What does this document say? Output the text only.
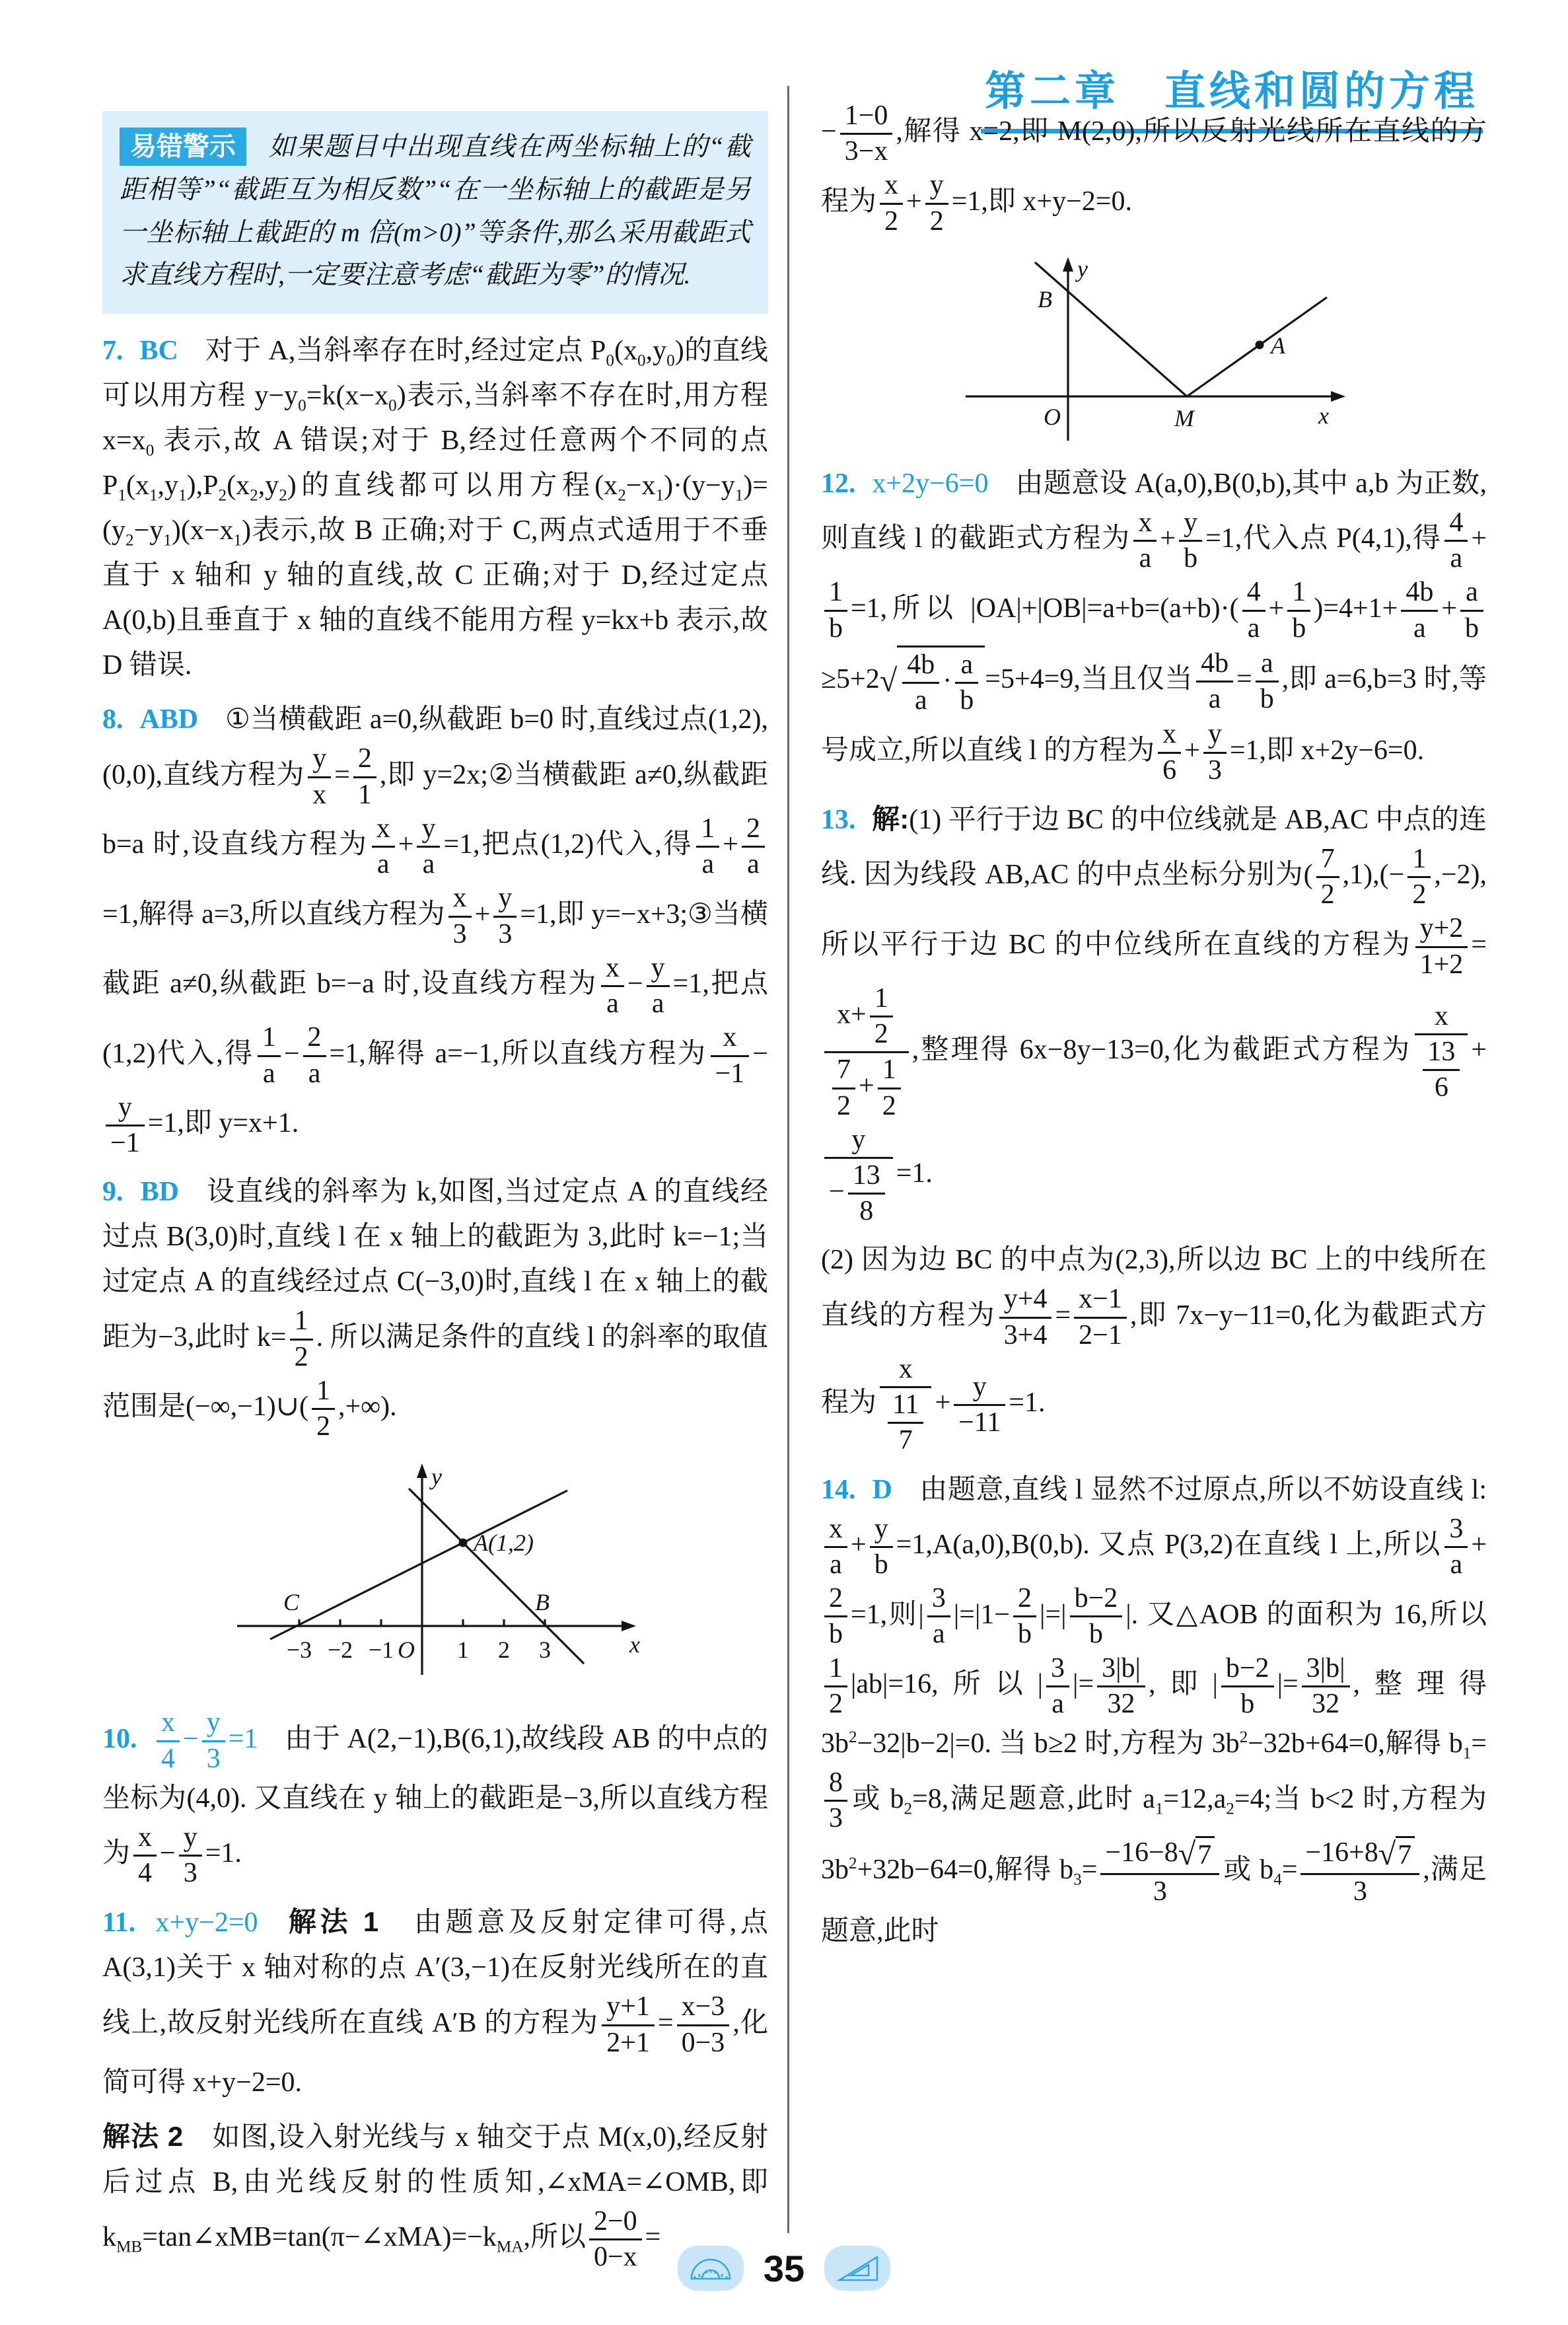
第二章　直线和圆的方程
易错警示 如果题目中出现直线在两坐标轴上的“截距相等”“截距互为相反数”“在一坐标轴上的截距是另一坐标轴上截距的 m 倍(m>0)”等条件,那么采用截距式求直线方程时,一定要注意考虑“截距为零”的情况.
7. BC 对于 A,当斜率存在时,经过定点 $P_0(x_0,y_0)$的直线可以用方程 $y-y_0=k(x-x_0)$表示,当斜率不存在时,用方程 $x=x_0$ 表示,故 A 错误;对于 B,经过任意两个不同的点 $P_1(x_1,y_1),P_2(x_2,y_2)$的直线都可以用方程$(x_2-x_1)\cdot(y-y_1)=(y_2-y_1)(x-x_1)$表示,故 B 正确;对于 C,两点式适用于不垂直于 x 轴和 y 轴的直线,故 C 正确;对于 D,经过定点 A(0,b)且垂直于 x 轴的直线不能用方程 y=kx+b 表示,故 D 错误.
8. ABD ①当横截距 a=0,纵截距 b=0 时,直线过点(1,2),(0,0),直线方程为 $\frac{y}{x} = \frac{2}{1}$ ,即 y=2x;②当横截距 a≠0,纵截距 b=a 时,设直线方程为 $\frac{x}{a} + \frac{y}{a} =1$,把点(1,2)代入,得 $\frac{1}{a} + \frac{2}{a}$
=1,解得 a=3,所以直线方程为 $\frac{x}{3} + \frac{y}{3} =1$,即 y=−x+3;③当横截距 a≠0,纵截距 b=−a 时,设直线方程为 $\frac{x}{a} - \frac{y}{a} =1$,把点(1,2)代入,得 $\frac{1}{a} - \frac{2}{a} =1$,解得 a=−1,所以直线方程为 $\frac{x}{-1}$ −
$\frac{y}{-1} =1$,即 y=x+1.
9. BD 设直线的斜率为 k,如图,当过定点 A 的直线经过点 B(3,0)时,直线 l 在 x 轴上的截距为 3,此时 k=−1;当过定点 A 的直线经过点 C(−3,0)时,直线 l 在 x 轴上的截距为−3,此时 $k= \frac{1}{2}$ . 所以满足条件的直线 l 的斜率的取值范围是(−∞,−1)∪( $\frac{1}{2}$ ,+∞).
−3 −2 −1	1 2 3
O	x
y
A(1,2)
B
C
10. $\frac{x}{4} - \frac{y}{3} =1$ 由于 A(2,−1),B(6,1),故线段 AB 的中点的坐标为(4,0). 又直线在 y 轴上的截距是−3,所以直线方程为 $\frac{x}{4} - \frac{y}{3} =1$.
11. x+y−2=0 解法 1　由题意及反射定律可得,点 A(3,1)关于 x 轴对称的点 A′(3,−1)在反射光线所在的直线上,故反射光线所在直线 A′B 的方程为 $\frac{y+1}{2+1} = \frac{x-3}{0-3}$ ,化简可得 x+y−2=0.
解法 2　如图,设入射光线与 x 轴交于点 M(x,0),经反射后过点 B,由光线反射的性质知,∠xMA=∠OMB,即 $k_{MB}=\tan\angle xMB=\tan(\pi-\angle xMA)=-k_{MA}$,所以 $\frac{2-0}{0-x}$ =
− $\frac{1-0}{3-x}$ ,解得 x=2,即 M(2,0),所以反射光线所在直线的方程为 $\frac{x}{2} + \frac{y}{2} =1$,即 x+y−2=0.
B
A
O	M	x
y
12. x+2y−6=0 由题意设 A(a,0),B(0,b),其中 a,b 为正数,则直线 l 的截距式方程为 $\frac{x}{a} + \frac{y}{b} =1$,代入点 P(4,1),得 $\frac{4}{a}$ +
$\frac{1}{b} =1$,所以 $|OA|+|OB|=a+b=(a+b)\cdot( \frac{4}{a} + \frac{1}{b} )=4+1+ \frac{4b}{a} + \frac{a}{b}$
≥5+2 √ $\frac{4b}{a} \cdot \frac{a}{b} =5+4=9$,当且仅当 $\frac{4b}{a} = \frac{a}{b}$ ,即 a=6,b=3 时,等号成立,所以直线 l 的方程为 $\frac{x}{6} + \frac{y}{3} =1$,即 x+2y−6=0.
13. 解:(1) 平行于边 BC 的中位线就是 AB,AC 中点的连线. 因为线段 AB,AC 的中点坐标分别为( $\frac{7}{2} ,1),(- \frac{1}{2} ,-2)$,所以平行于边 BC 的中位线所在直线的方程为 $\frac{y+2}{1+2}$ =
$\frac{x+ \frac{1}{2}}{\frac{7}{2} + \frac{1}{2}}$ ,整理得 6x−8y−13=0,化为截距式方程为 $\frac{x}{\frac{13}{6}}$ +
$\frac{y}{- \frac{13}{8}} =1$.
(2) 因为边 BC 的中点为(2,3),所以边 BC 上的中线所在直线的方程为 $\frac{y+4}{3+4} = \frac{x-1}{2-1}$ ,即 7x−y−11=0,化为截距式方程为 $\frac{x}{\frac{11}{7}} + \frac{y}{-11} =1$.
14. D 由题意,直线 l 显然不过原点,所以不妨设直线 l:
$\frac{x}{a} + \frac{y}{b} =1,A(a,0),B(0,b)$. 又点 P(3,2)在直线 l 上,所以 $\frac{3}{a}$ +
$\frac{2}{b} =1$,则| $\frac{3}{a} |=|1- \frac{2}{b}$ |=| $\frac{b-2}{b}$ |. 又△AOB 的面积为 16,所以
$\frac{1}{2} |ab|=16$,所以| $\frac{3}{a}$ |= $\frac{3|b|}{32}$ ,即| $\frac{b-2}{b}$ |= $\frac{3|b|}{32}$ ,整理得 $3b^2-32|b-2|=0$. 当 b≥2 时,方程为 $3b^2-32b+64=0$,解得 $b_1=$
$\frac{8}{3}$ 或 $b_2=8$,满足题意,此时 $a_1=12,a_2=4$;当 b<2 时,方程为 $3b^2+32b-64=0$,解得 $b_3= \frac{-16-8 √ 7}{3}$ 或 $b_4= \frac{-16+8 √ 7}{3}$ ,满足题意,此时
35
